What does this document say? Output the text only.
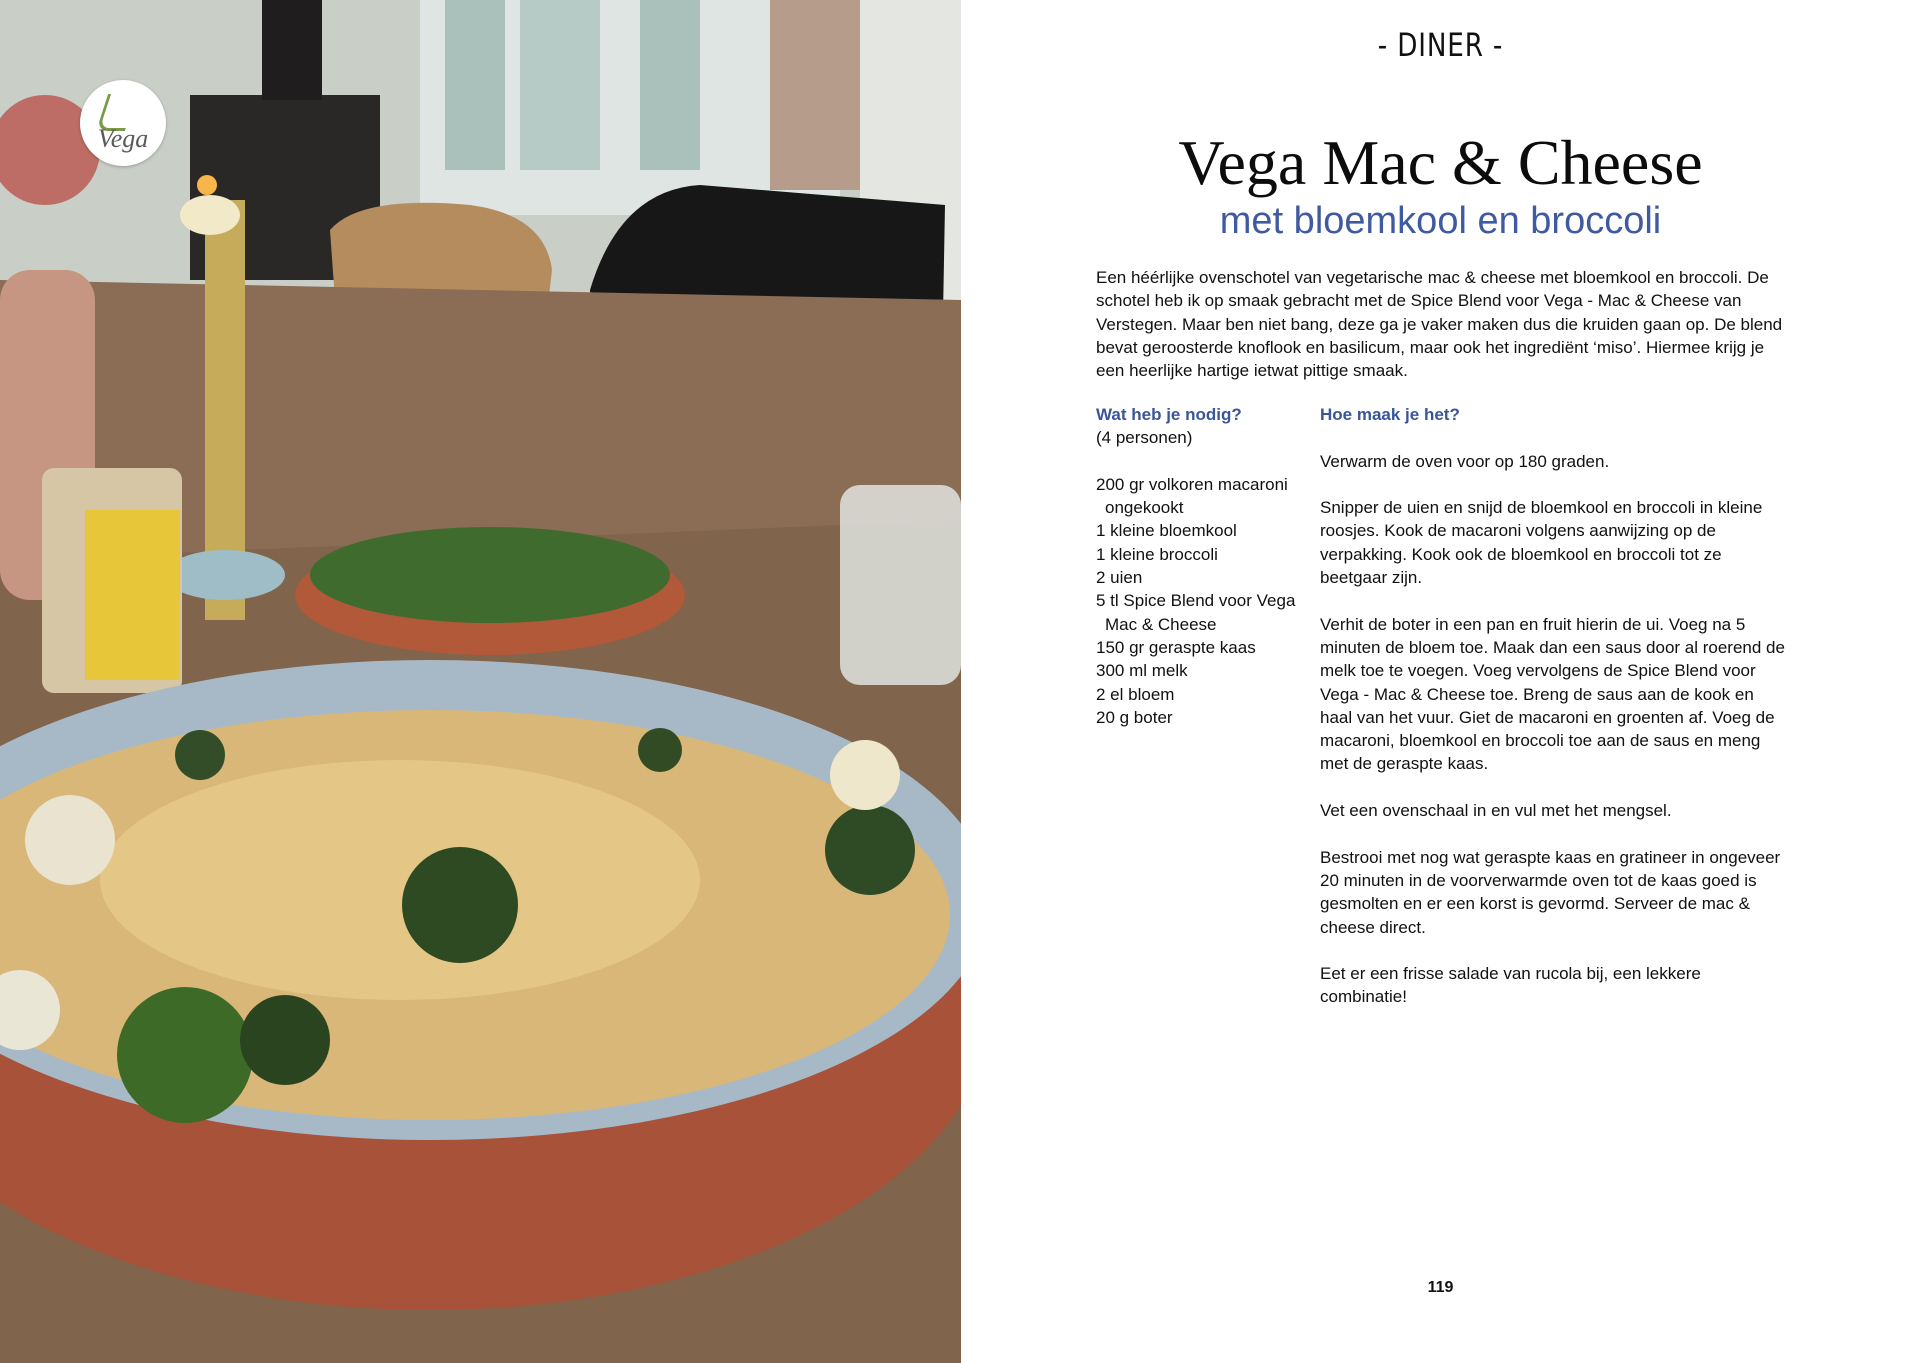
Vega
- DINER -
Vega Mac & Cheese
met bloemkool en broccoli
Een héérlijke ovenschotel van vegetarische mac & cheese met bloemkool en broccoli. De schotel heb ik op smaak gebracht met de Spice Blend voor Vega - Mac & Cheese van Verstegen. Maar ben niet bang, deze ga je vaker maken dus die kruiden gaan op. De blend bevat geroosterde knoflook en basilicum, maar ook het ingrediënt ‘miso’. Hiermee krijg je een heerlijke hartige ietwat pittige smaak.
Wat heb je nodig?
(4 personen)
200 gr volkoren macaroni ongekookt
1 kleine bloemkool
1 kleine broccoli
2 uien
5 tl Spice Blend voor Vega Mac & Cheese
150 gr geraspte kaas
300 ml melk
2 el bloem
20 g boter
Hoe maak je het?

Verwarm de oven voor op 180 graden.

Snipper de uien en snijd de bloemkool en broccoli in kleine roosjes. Kook de macaroni volgens aanwijzing op de verpakking. Kook ook de bloemkool en broccoli tot ze beetgaar zijn.

Verhit de boter in een pan en fruit hierin de ui. Voeg na 5 minuten de bloem toe. Maak dan een saus door al roerend de melk toe te voegen. Voeg vervolgens de Spice Blend voor Vega - Mac & Cheese toe. Breng de saus aan de kook en haal van het vuur. Giet de macaroni en groenten af. Voeg de macaroni, bloemkool en broccoli toe aan de saus en meng met de geraspte kaas.

Vet een ovenschaal in en vul met het mengsel.

Bestrooi met nog wat geraspte kaas en gratineer in ongeveer 20 minuten in de voorverwarmde oven tot de kaas goed is gesmolten en er een korst is gevormd. Serveer de mac & cheese direct.

Eet er een frisse salade van rucola bij, een lekkere combinatie!

119
